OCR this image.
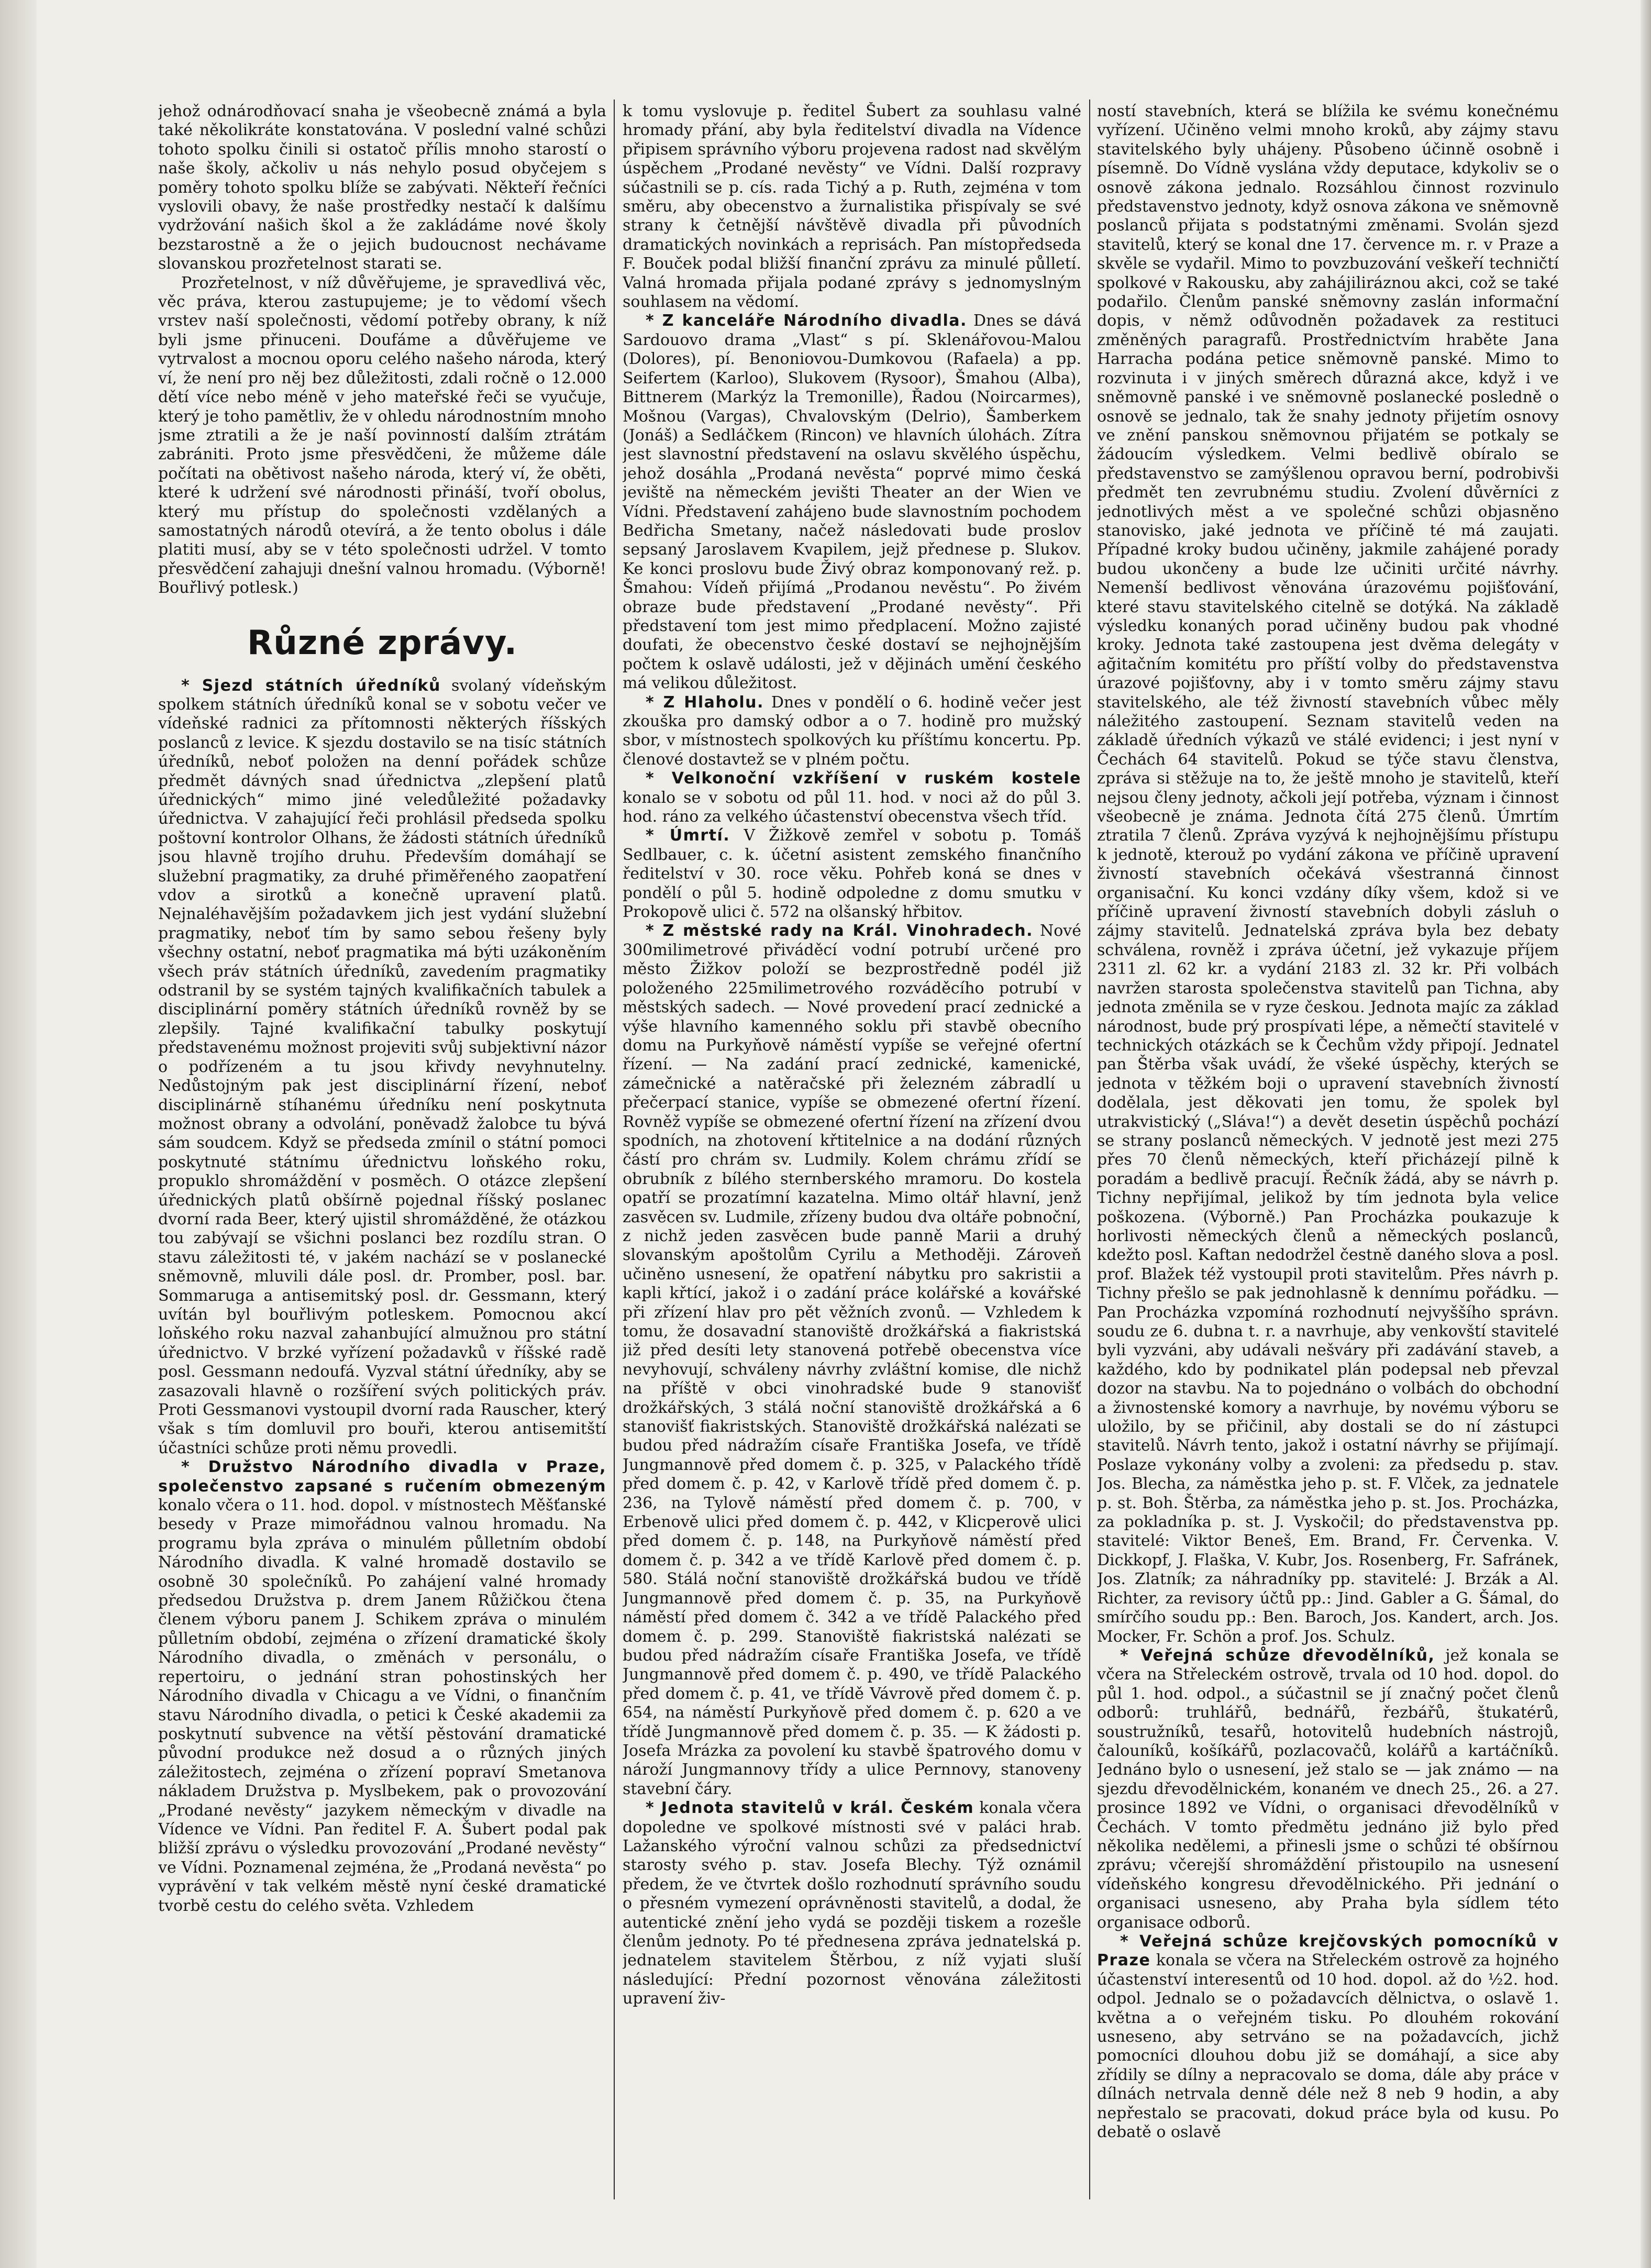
jehož odnárodňovací snaha je všeobecně známá a byla také několikráte konstatována. V poslední valné schůzi tohoto spolku činili si ostatoč přílis mnoho starostí o naše školy, ačkoliv u nás nehylo posud obyčejem s poměry tohoto spolku blíže se zabývati. Někteří řečníci vyslovili obavy, že naše prostředky nestačí k dalšímu vydržování našich škol a že zakládáme nové školy bezstarostně a že o jejich budoucnost nechávame slovanskou prozřetelnost starati se.

Prozřetelnost, v níž důvěřujeme, je spravedlivá věc, věc práva, kterou zastupujeme; je to vědomí všech vrstev naší společnosti, vědomí potřeby obrany, k níž byli jsme přinuceni. Doufáme a důvěřujeme ve vytrvalost a mocnou oporu celého našeho národa, který ví, že není pro něj bez důležitosti, zdali ročně o 12.000 dětí více nebo méně v jeho mateřské řeči se vyučuje, který je toho pamětliv, že v ohledu národnostním mnoho jsme ztratili a že je naší povinností dalším ztrátám zabrániti. Proto jsme přesvědčeni, že můžeme dále počítati na obětivost našeho národa, který ví, že oběti, které k udržení své národnosti přináší, tvoří obolus, který mu přístup do společnosti vzdělaných a samostatných národů otevírá, a že tento obolus i dále platiti musí, aby se v této společnosti udržel. V tomto přesvědčení zahajuji dnešní valnou hromadu. (Výborně! Bouřlivý potlesk.)

Různé zprávy.

* Sjezd státních úředníků svolaný vídeňským spolkem státních úředníků konal se v sobotu večer ve vídeňské radnici za přítomnosti některých říšských poslanců z levice. K sjezdu dostavilo se na tisíc státních úředníků, neboť položen na denní pořádek schůze předmět dávných snad úřednictva „zlepšení platů úřednických“ mimo jiné veledůležité požadavky úřednictva. V zahajující řeči prohlásil předseda spolku poštovní kontrolor Olhans, že žádosti státních úředníků jsou hlavně trojího druhu. Především domáhají se služební pragmatiky, za druhé přiměřeného zaopatření vdov a sirotků a konečně upravení platů. Nejnaléhavějším požadavkem jich jest vydání služební pragmatiky, neboť tím by samo sebou řešeny byly všechny ostatní, neboť pragmatika má býti uzákoněním všech práv státních úředníků, zavedením pragmatiky odstranil by se systém tajných kvalifikačních tabulek a disciplinární poměry státních úředníků rovněž by se zlepšily. Tajné kvalifikační tabulky poskytují představenému možnost projeviti svůj subjektivní názor o podřízeném a tu jsou křivdy nevyhnutelny. Nedůstojným pak jest disciplinární řízení, neboť disciplinárně stíhanému úředníku není poskytnuta možnost obrany a odvolání, poněvadž žalobce tu bývá sám soudcem. Když se předseda zmínil o státní pomoci poskytnuté státnímu úřednictvu loňského roku, propuklo shromáždění v posměch. O otázce zlepšení úřednických platů obšírně pojednal říšský poslanec dvorní rada Beer, který ujistil shromážděné, že otázkou tou zabývají se všichni poslanci bez rozdílu stran. O stavu záležitosti té, v jakém nachází se v poslanecké sněmovně, mluvili dále posl. dr. Promber, posl. bar. Sommaruga a antisemitský posl. dr. Gessmann, který uvítán byl bouřlivým potleskem. Pomocnou akcí loňského roku nazval zahanbující almužnou pro státní úřednictvo. V brzké vyřízení požadavků v říšské radě posl. Gessmann nedoufá. Vyzval státní úředníky, aby se zasazovali hlavně o rozšíření svých politických práv. Proti Gessmanovi vystoupil dvorní rada Rauscher, který však s tím domluvil pro bouři, kterou antisemitští účastníci schůze proti němu provedli.

* Družstvo Národního divadla v Praze, společenstvo zapsané s ručením obmezeným konalo včera o 11. hod. dopol. v místnostech Měšťanské besedy v Praze mimořádnou valnou hromadu. Na programu byla zpráva o minulém půlletním období Národního divadla. K valné hromadě dostavilo se osobně 30 společníků. Po zahájení valné hromady předsedou Družstva p. drem Janem Růžičkou čtena členem výboru panem J. Schikem zpráva o minulém půlletním období, zejména o zřízení dramatické školy Národního divadla, o změnách v personálu, o repertoiru, o jednání stran pohostinských her Národního divadla v Chicagu a ve Vídni, o finančním stavu Národního divadla, o petici k České akademii za poskytnutí subvence na větší pěstování dramatické původní produkce než dosud a o různých jiných záležitostech, zejména o zřízení popraví Smetanova nákladem Družstva p. Myslbekem, pak o provozování „Prodané nevěsty“ jazykem německým v divadle na Vídence ve Vídni. Pan ředitel F. A. Šubert podal pak bližší zprávu o výsledku provozování „Prodané nevěsty“ ve Vídni. Poznamenal zejména, že „Prodaná nevěsta“ po vyprávění v tak velkém městě nyní české dramatické tvorbě cestu do celého světa. Vzhledem

k tomu vyslovuje p. ředitel Šubert za souhlasu valné hromady přání, aby byla ředitelství divadla na Vídence připisem správního výboru projevena radost nad skvělým úspěchem „Prodané nevěsty“ ve Vídni. Další rozpravy súčastnili se p. cís. rada Tichý a p. Ruth, zejména v tom směru, aby obecenstvo a žurnalistika přispívaly se své strany k četnější návštěvě divadla při původních dramatických novinkách a reprisách. Pan místopředseda F. Bouček podal bližší finanční zprávu za minulé půlletí. Valná hromada přijala podané zprávy s jednomyslným souhlasem na vědomí.

* Z kanceláře Národního divadla. Dnes se dává Sardouovo drama „Vlast“ s pí. Sklenářovou-Malou (Dolores), pí. Benoniovou-Dumkovou (Rafaela) a pp. Seifertem (Karloo), Slukovem (Rysoor), Šmahou (Alba), Bittnerem (Markýz la Tremonille), Řadou (Noircarmes), Mošnou (Vargas), Chvalovským (Delrio), Šamberkem (Jonáš) a Sedláčkem (Rincon) ve hlavních úlohách. Zítra jest slavnostní představení na oslavu skvělého úspěchu, jehož dosáhla „Prodaná nevěsta“ poprvé mimo česká jeviště na německém jevišti Theater an der Wien ve Vídni. Představení zahájeno bude slavnostním pochodem Bedřicha Smetany, načež následovati bude proslov sepsaný Jaroslavem Kvapilem, jejž přednese p. Slukov. Ke konci proslovu bude Živý obraz komponovaný rež. p. Šmahou: Vídeň přijímá „Prodanou nevěstu“. Po živém obraze bude představení „Prodané nevěsty“. Při představení tom jest mimo předplacení. Možno zajisté doufati, že obecenstvo české dostaví se nejhojnějším počtem k oslavě události, jež v dějinách umění českého má velikou důležitost.

* Z Hlaholu. Dnes v pondělí o 6. hodině večer jest zkouška pro damský odbor a o 7. hodině pro mužský sbor, v místnostech spolkových ku příštímu koncertu. Pp. členové dostavtež se v plném počtu.

* Velkonoční vzkříšení v ruském kostele konalo se v sobotu od půl 11. hod. v noci až do půl 3. hod. ráno za velkého účastenství obecenstva všech tříd.

* Úmrtí. V Žižkově zemřel v sobotu p. Tomáš Sedlbauer, c. k. účetní asistent zemského finančního ředitelství v 30. roce věku. Pohřeb koná se dnes v pondělí o půl 5. hodině odpoledne z domu smutku v Prokopově ulici č. 572 na olšanský hřbitov.

* Z městské rady na Král. Vinohradech. Nové 300milimetrové přiváděcí vodní potrubí určené pro město Žižkov položí se bezprostředně podél již položeného 225milimetrového rozváděcího potrubí v městských sadech. — Nové provedení prací zednické a výše hlavního kamenného soklu při stavbě obecního domu na Purkyňově náměstí vypíše se veřejné ofertní řízení. — Na zadání prací zednické, kamenické, zámečnické a natěračské při železném zábradlí u přečerpací stanice, vypíše se obmezené ofertní řízení. Rovněž vypíše se obmezené ofertní řízení na zřízení dvou spodních, na zhotovení křtitelnice a na dodání různých částí pro chrám sv. Ludmily. Kolem chrámu zřídí se obrubník z bílého sternberského mramoru. Do kostela opatří se prozatímní kazatelna. Mimo oltář hlavní, jenž zasvěcen sv. Ludmile, zřízeny budou dva oltáře pobnoční, z nichž jeden zasvěcen bude panně Marii a druhý slovanským apoštolům Cyrilu a Methoději. Zároveň učiněno usnesení, že opatření nábytku pro sakristii a kapli křtící, jakož i o zadání práce kolářské a kovářské při zřízení hlav pro pět věžních zvonů. — Vzhledem k tomu, že dosavadní stanoviště drožkářská a fiakristská již před desíti lety stanovená potřebě obecenstva více nevyhovují, schváleny návrhy zvláštní komise, dle nichž na příště v obci vinohradské bude 9 stanovišť drožkářských, 3 stálá noční stanoviště drožkářská a 6 stanovišť fiakristských. Stanoviště drožkářská nalézati se budou před nádražím císaře Františka Josefa, ve třídě Jungmannově před domem č. p. 325, v Palackého třídě před domem č. p. 42, v Karlově třídě před domem č. p. 236, na Tylově náměstí před domem č. p. 700, v Erbenově ulici před domem č. p. 442, v Klicperově ulici před domem č. p. 148, na Purkyňově náměstí před domem č. p. 342 a ve třídě Karlově před domem č. p. 580. Stálá noční stanoviště drožkářská budou ve třídě Jungmannově před domem č. p. 35, na Purkyňově náměstí před domem č. 342 a ve třídě Palackého před domem č. p. 299. Stanoviště fiakristská nalézati se budou před nádražím císaře Františka Josefa, ve třídě Jungmannově před domem č. p. 490, ve třídě Palackého před domem č. p. 41, ve třídě Vávrově před domem č. p. 654, na náměstí Purkyňově před domem č. p. 620 a ve třídě Jungmannově před domem č. p. 35. — K žádosti p. Josefa Mrázka za povolení ku stavbě špatrového domu v nároží Jungmannovy třídy a ulice Pernnovy, stanoveny stavební čáry.

* Jednota stavitelů v král. Českém konala včera dopoledne ve spolkové místnosti své v paláci hrab. Lažanského výroční valnou schůzi za předsednictví starosty svého p. stav. Josefa Blechy. Týž oznámil předem, že ve čtvrtek došlo rozhodnutí správního soudu o přesném vymezení oprávněnosti stavitelů, a dodal, že autentické znění jeho vydá se později tiskem a rozešle členům jednoty. Po té přednesena zpráva jednatelská p. jednatelem stavitelem Štěrbou, z níž vyjati sluší následující: Přední pozornost věnována záležitosti upravení živ-

ností stavebních, která se blížila ke svému konečnému vyřízení. Učiněno velmi mnoho kroků, aby zájmy stavu stavitelského byly uhájeny. Působeno účinně osobně i písemně. Do Vídně vyslána vždy deputace, kdykoliv se o osnově zákona jednalo. Rozsáhlou činnost rozvinulo představenstvo jednoty, když osnova zákona ve sněmovně poslanců přijata s podstatnými změnami. Svolán sjezd stavitelů, který se konal dne 17. července m. r. v Praze a skvěle se vydařil. Mimo to povzbuzování veškeří techničtí spolkové v Rakousku, aby zahájiliráznou akci, což se také podařilo. Členům panské sněmovny zaslán informační dopis, v němž odůvodněn požadavek za restituci změněných paragrafů. Prostřednictvím hraběte Jana Harracha podána petice sněmovně panské. Mimo to rozvinuta i v jiných směrech důrazná akce, když i ve sněmovně panské i ve sněmovně poslanecké posledně o osnově se jednalo, tak že snahy jednoty přijetím osnovy ve znění panskou sněmovnou přijatém se potkaly se žádoucím výsledkem. Velmi bedlivě obíralo se představenstvo se zamýšlenou opravou berní, podrobivši předmět ten zevrubnému studiu. Zvolení důvěrníci z jednotlivých měst a ve společné schůzi objasněno stanovisko, jaké jednota ve příčině té má zaujati. Případné kroky budou učiněny, jakmile zahájené porady budou ukončeny a bude lze učiniti určité návrhy. Nemenší bedlivost věnována úrazovému pojišťování, které stavu stavitelského citelně se dotýká. Na základě výsledku konaných porad učiněny budou pak vhodné kroky. Jednota také zastoupena jest dvěma delegáty v ağitačním komitétu pro příští volby do představenstva úrazové pojišťovny, aby i v tomto směru zájmy stavu stavitelského, ale též živností stavebních vůbec měly náležitého zastoupení. Seznam stavitelů veden na základě úředních výkazů ve stálé evidenci; i jest nyní v Čechách 64 stavitelů. Pokud se týče stavu členstva, zpráva si stěžuje na to, že ještě mnoho je stavitelů, kteří nejsou členy jednoty, ačkoli její potřeba, význam i činnost všeobecně je známa. Jednota čítá 275 členů. Úmrtím ztratila 7 členů. Zpráva vyzývá k nejhojnějšímu přístupu k jednotě, kterouž po vydání zákona ve příčině upravení živností stavebních očekává všestranná činnost organisační. Ku konci vzdány díky všem, kdož si ve příčině upravení živností stavebních dobyli zásluh o zájmy stavitelů. Jednatelská zpráva byla bez debaty schválena, rovněž i zpráva účetní, jež vykazuje příjem 2311 zl. 62 kr. a vydání 2183 zl. 32 kr. Při volbách navržen starosta společenstva stavitelů pan Tichna, aby jednota změnila se v ryze českou. Jednota majíc za základ národnost, bude prý prospívati lépe, a němečtí stavitelé v technických otázkách se k Čechům vždy připojí. Jednatel pan Štěrba však uvádí, že všeké úspěchy, kterých se jednota v těžkém boji o upravení stavebních živností dodělala, jest děkovati jen tomu, že spolek byl utrakvistický („Sláva!“) a devět desetin úspěchů pochází se strany poslanců německých. V jednotě jest mezi 275 přes 70 členů německých, kteří přicházejí pilně k poradám a bedlivě pracují. Řečník žádá, aby se návrh p. Tichny nepřijímal, jelikož by tím jednota byla velice poškozena. (Výborně.) Pan Procházka poukazuje k horlivosti německých členů a německých poslanců, kdežto posl. Kaftan nedodržel čestně daného slova a posl. prof. Blažek též vystoupil proti stavitelům. Přes návrh p. Tichny přešlo se pak jednohlasně k dennímu pořádku. — Pan Procházka vzpomíná rozhodnutí nejvyššího správn. soudu ze 6. dubna t. r. a navrhuje, aby venkovští stavitelé byli vyzváni, aby udávali nešváry při zadávání staveb, a každého, kdo by podnikatel plán podepsal neb převzal dozor na stavbu. Na to pojednáno o volbách do obchodní a živnostenské komory a navrhuje, by novému výboru se uložilo, by se přičinil, aby dostali se do ní zástupci stavitelů. Návrh tento, jakož i ostatní návrhy se přijímají. Poslaze vykonány volby a zvoleni: za předsedu p. stav. Jos. Blecha, za náměstka jeho p. st. F. Vlček, za jednatele p. st. Boh. Štěrba, za náměstka jeho p. st. Jos. Procházka, za pokladníka p. st. J. Vyskočil; do představenstva pp. stavitelé: Viktor Beneš, Em. Brand, Fr. Červenka. V. Dickkopf, J. Flaška, V. Kubr, Jos. Rosenberg, Fr. Safránek, Jos. Zlatník; za náhradníky pp. stavitelé: J. Brzák a Al. Richter, za revisory účtů pp.: Jind. Gabler a G. Šámal, do smírčího soudu pp.: Ben. Baroch, Jos. Kandert, arch. Jos. Mocker, Fr. Schön a prof. Jos. Schulz.

* Veřejná schůze dřevodělníků, jež konala se včera na Střeleckém ostrově, trvala od 10 hod. dopol. do půl 1. hod. odpol., a súčastnil se jí značný počet členů odborů: truhlářů, bednářů, řezbářů, štukatérů, soustružníků, tesařů, hotovitelů hudebních nástrojů, čalouníků, košíkářů, pozlacovačů, kolářů a kartáčníků. Jednáno bylo o usnesení, jež stalo se — jak známo — na sjezdu dřevodělnickém, konaném ve dnech 25., 26. a 27. prosince 1892 ve Vídni, o organisaci dřevodělníků v Čechách. V tomto předmětu jednáno již bylo před několika nedělemi, a přinesli jsme o schůzi té obšírnou zprávu; včerejší shromáždění přistoupilo na usnesení vídeňského kongresu dřevodělnického. Při jednání o organisaci usneseno, aby Praha byla sídlem této organisace odborů.

* Veřejná schůze krejčovských pomocníků v Praze konala se včera na Střeleckém ostrově za hojného účastenství interesentů od 10 hod. dopol. až do ½2. hod. odpol. Jednalo se o požadavcích dělnictva, o oslavě 1. května a o veřejném tisku. Po dlouhém rokování usneseno, aby setrváno se na požadavcích, jichž pomocníci dlouhou dobu již se domáhají, a sice aby zřídily se dílny a nepracovalo se doma, dále aby práce v dílnách netrvala denně déle než 8 neb 9 hodin, a aby nepřestalo se pracovati, dokud práce byla od kusu. Po debatě o oslavě
